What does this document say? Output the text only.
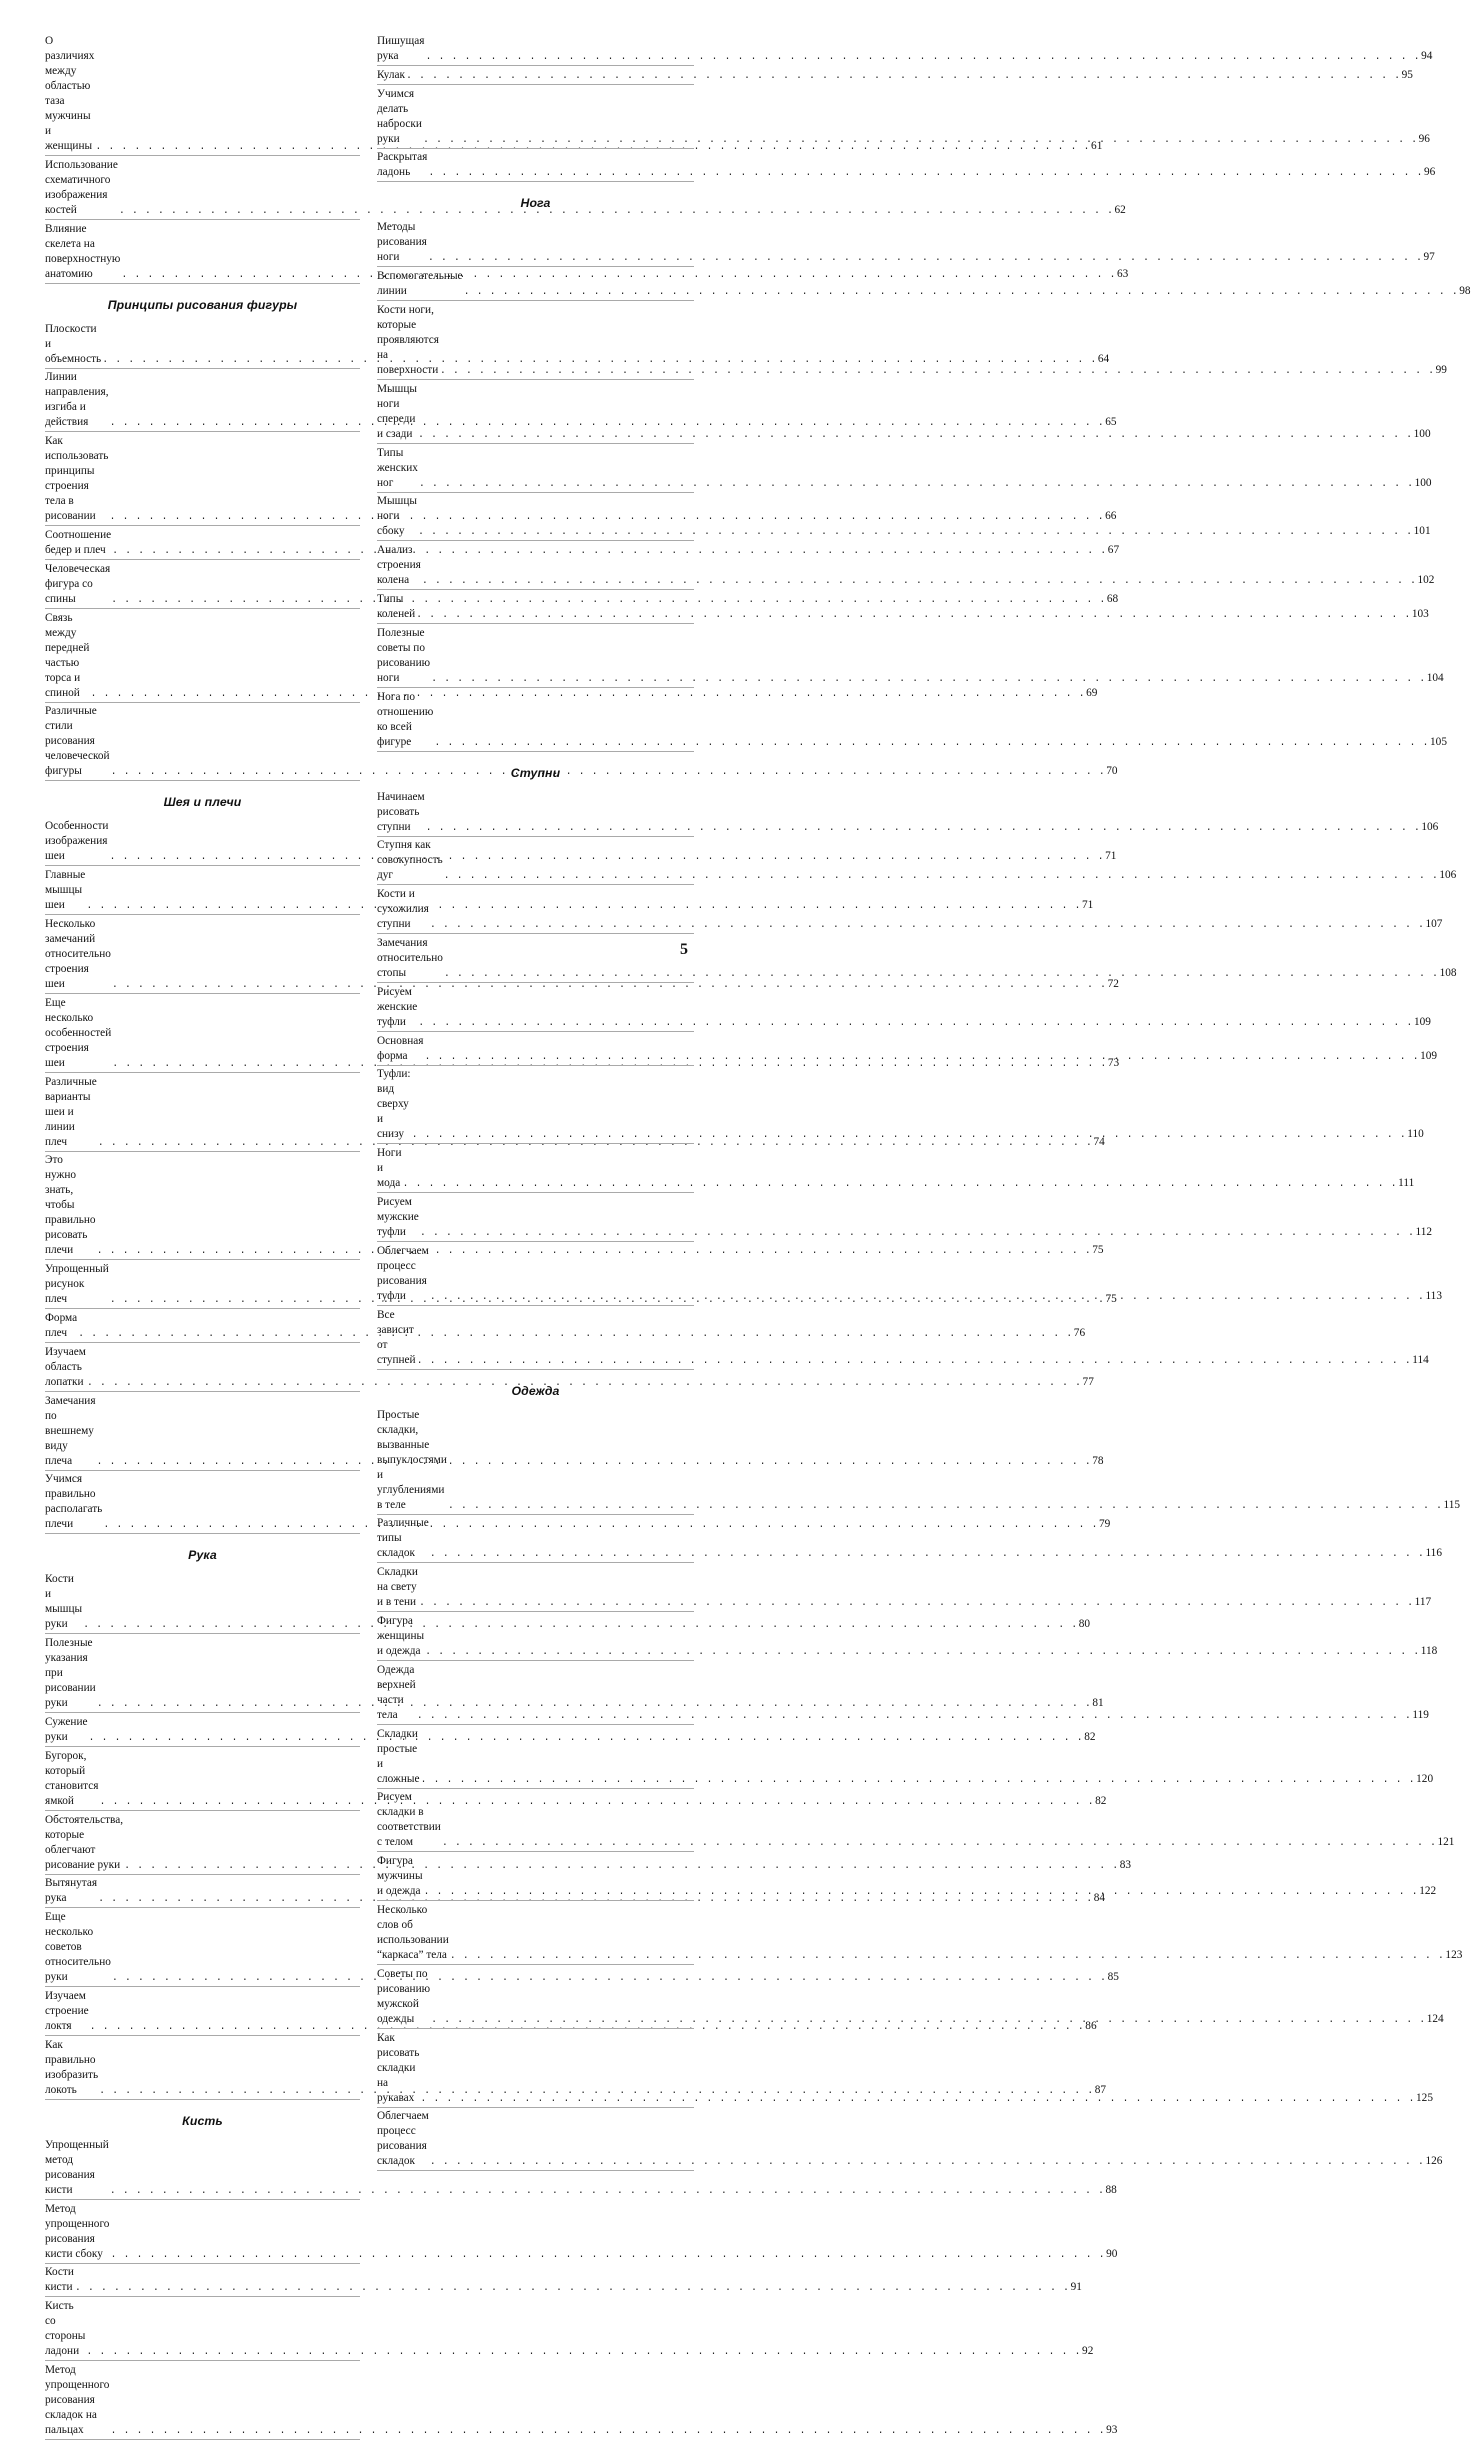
О различиях между областью таза
мужчины и женщины . . .	61
Использование схематичного изображения костей . . .	62
Влияние скелета на поверхностную анатомию . . .	63
Принципы рисования фигуры
Плоскости и объемность . . .	64
Линии направления, изгиба и действия . . .	65
Как использовать принципы
строения тела в рисовании . . .	66
Соотношение бедер и плеч . . .	67
Человеческая фигура со спины . . .	68
Связь между передней частью торса и спиной . . .	69
Различные стили рисования человеческой фигуры . . .	70
Шея и плечи
Особенности изображения шеи . . .	71
Главные мышцы шеи . . .	71
Несколько замечаний относительно строения шеи . . .	72
Еще несколько особенностей строения шеи . . .	73
Различные варианты шеи и линии плеч . . .	74
Это нужно знать, чтобы правильно рисовать плечи . . .	75
Упрощенный рисунок плеч . . .	75
Форма плеч . . .	76
Изучаем область лопатки . . .	77
Замечания по внешнему виду плеча . . .	78
Учимся правильно располагать плечи . . .	79
Рука
Кости и мышцы руки . . .	80
Полезные указания при рисовании руки . . .	81
Сужение руки . . .	82
Бугорок, который становится ямкой . . .	82
Обстоятельства, которые облегчают рисование руки . . .	83
Вытянутая рука . . .	84
Еще несколько советов относительно руки . . .	85
Изучаем строение локтя . . .	86
Как правильно изобразить локоть . . .	87
Кисть
Упрощенный метод рисования кисти . . .	88
Метод упрощенного рисования кисти сбоку . . .	90
Кости кисти . . .	91
Кисть со стороны ладони . . .	92
Метод упрощенного рисования складок на пальцах . . .	93
Пишущая рука . . .	94
Кулак . . .	95
Учимся делать наброски руки . . .	96
Раскрытая ладонь . . .	96
Нога
Методы рисования ноги . . .	97
Вспомогательные линии . . .	98
Кости ноги, которые проявляются на поверхности . . .	99
Мышцы ноги спереди и сзади . . .	100
Типы женских ног . . .	100
Мышцы ноги сбоку . . .	101
Анализ строения колена . . .	102
Типы коленей . . .	103
Полезные советы по рисованию ноги . . .	104
Нога по отношению ко всей фигуре . . .	105
Ступни
Начинаем рисовать ступни . . .	106
Ступня как совокупность дуг . . .	106
Кости и сухожилия ступни . . .	107
Замечания относительно стопы . . .	108
Рисуем женские туфли . . .	109
Основная форма . . .	109
Туфли: вид сверху и снизу . . .	110
Ноги и мода . . .	111
Рисуем мужские туфли . . .	112
Облегчаем процесс рисования туфли . . .	113
Все зависит от ступней . . .	114
Одежда
Простые складки,
вызванные выпуклостями и углублениями в теле . . .	115
Различные типы складок . . .	116
Складки на свету и в тени . . .	117
Фигура женщины и одежда . . .	118
Одежда верхней части тела . . .	119
Складки простые и сложные . . .	120
Рисуем складки в соответствии с телом . . .	121
Фигура мужчины и одежда . . .	122
Несколько слов об использовании “каркаса” тела . . .	123
Советы по рисованию мужской одежды . . .	124
Как рисовать складки на рукавах . . .	125
Облегчаем процесс рисования складок . . .	126
5
